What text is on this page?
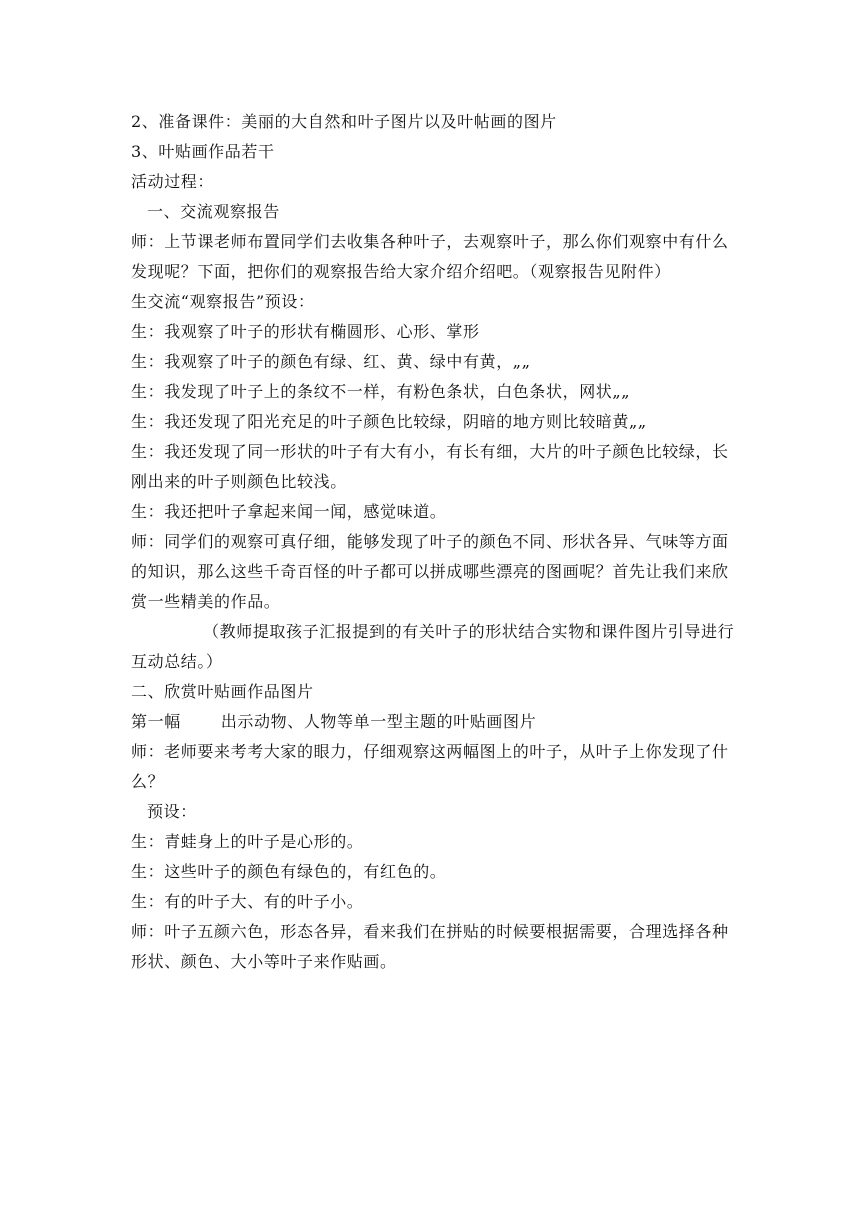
2、准备课件：美丽的大自然和叶子图片以及叶帖画的图片

3、叶贴画作品若干

活动过程：

一、交流观察报告

师：上节课老师布置同学们去收集各种叶子，去观察叶子，那么你们观察中有什么发现呢？下面，把你们的观察报告给大家介绍介绍吧。（观察报告见附件）

生交流“观察报告”预设：

生：我观察了叶子的形状有椭圆形、心形、掌形

生：我观察了叶子的颜色有绿、红、黄、绿中有黄，„„

生：我发现了叶子上的条纹不一样，有粉色条状，白色条状，网状„„

生：我还发现了阳光充足的叶子颜色比较绿，阴暗的地方则比较暗黄„„

生：我还发现了同一形状的叶子有大有小，有长有细，大片的叶子颜色比较绿，长刚出来的叶子则颜色比较浅。

生：我还把叶子拿起来闻一闻，感觉味道。

师：同学们的观察可真仔细，能够发现了叶子的颜色不同、形状各异、气味等方面的知识，那么这些千奇百怪的叶子都可以拼成哪些漂亮的图画呢？首先让我们来欣赏一些精美的作品。

（教师提取孩子汇报提到的有关叶子的形状结合实物和课件图片引导进行互动总结。）

二、欣赏叶贴画作品图片

第一幅	出示动物、人物等单一型主题的叶贴画图片

师：老师要来考考大家的眼力，仔细观察这两幅图上的叶子，从叶子上你发现了什么？

预设：

生：青蛙身上的叶子是心形的。

生：这些叶子的颜色有绿色的，有红色的。

生：有的叶子大、有的叶子小。

师：叶子五颜六色，形态各异，看来我们在拼贴的时候要根据需要，合理选择各种形状、颜色、大小等叶子来作贴画。
